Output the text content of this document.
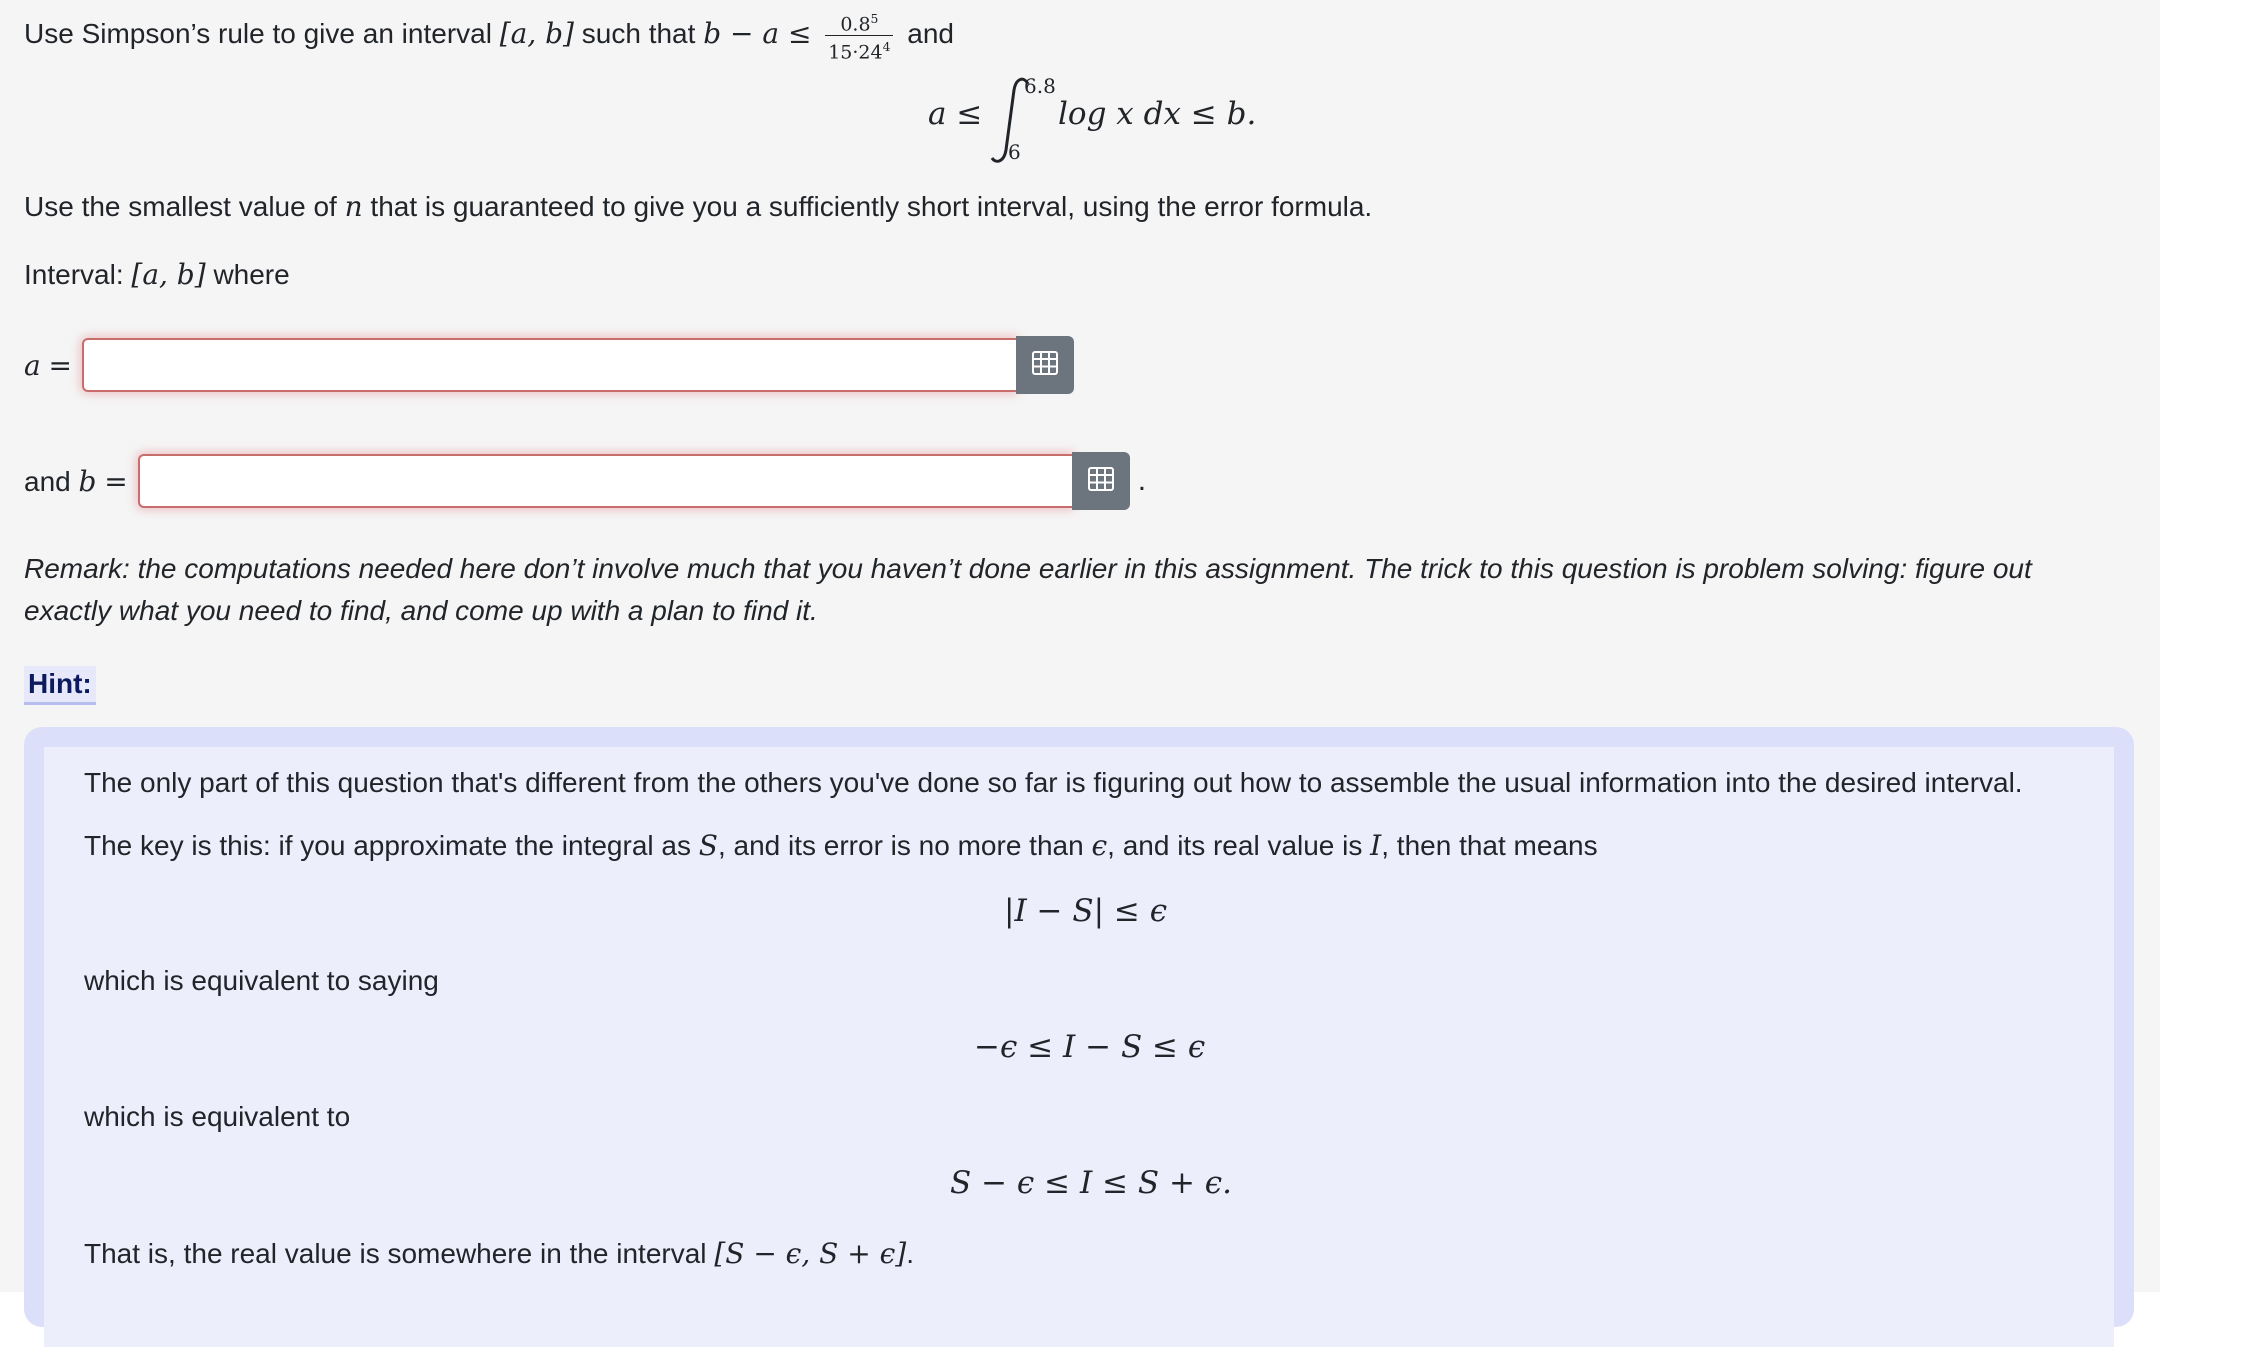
Use Simpson’s rule to give an interval [a, b] such that $b - a \le \frac{0.8^5}{15\cdot 24^4}$ and
a ≤
6.8
6
log x dx ≤ b.
Use the smallest value of n that is guaranteed to give you a sufficiently short interval, using the error formula.
Interval: [a, b] where
a =
and b =	.
Remark: the computations needed here don’t involve much that you haven’t done earlier in this assignment. The trick to this question is problem solving: figure out exactly what you need to find, and come up with a plan to find it.
Hint:
The only part of this question that's different from the others you've done so far is figuring out how to assemble the usual information into the desired interval.
The key is this: if you approximate the integral as S, and its error is no more than ϵ, and its real value is I, then that means
|I − S| ≤ ϵ
which is equivalent to saying
−ϵ ≤ I − S ≤ ϵ
which is equivalent to
S − ϵ ≤ I ≤ S + ϵ.
That is, the real value is somewhere in the interval [S − ϵ, S + ϵ].
